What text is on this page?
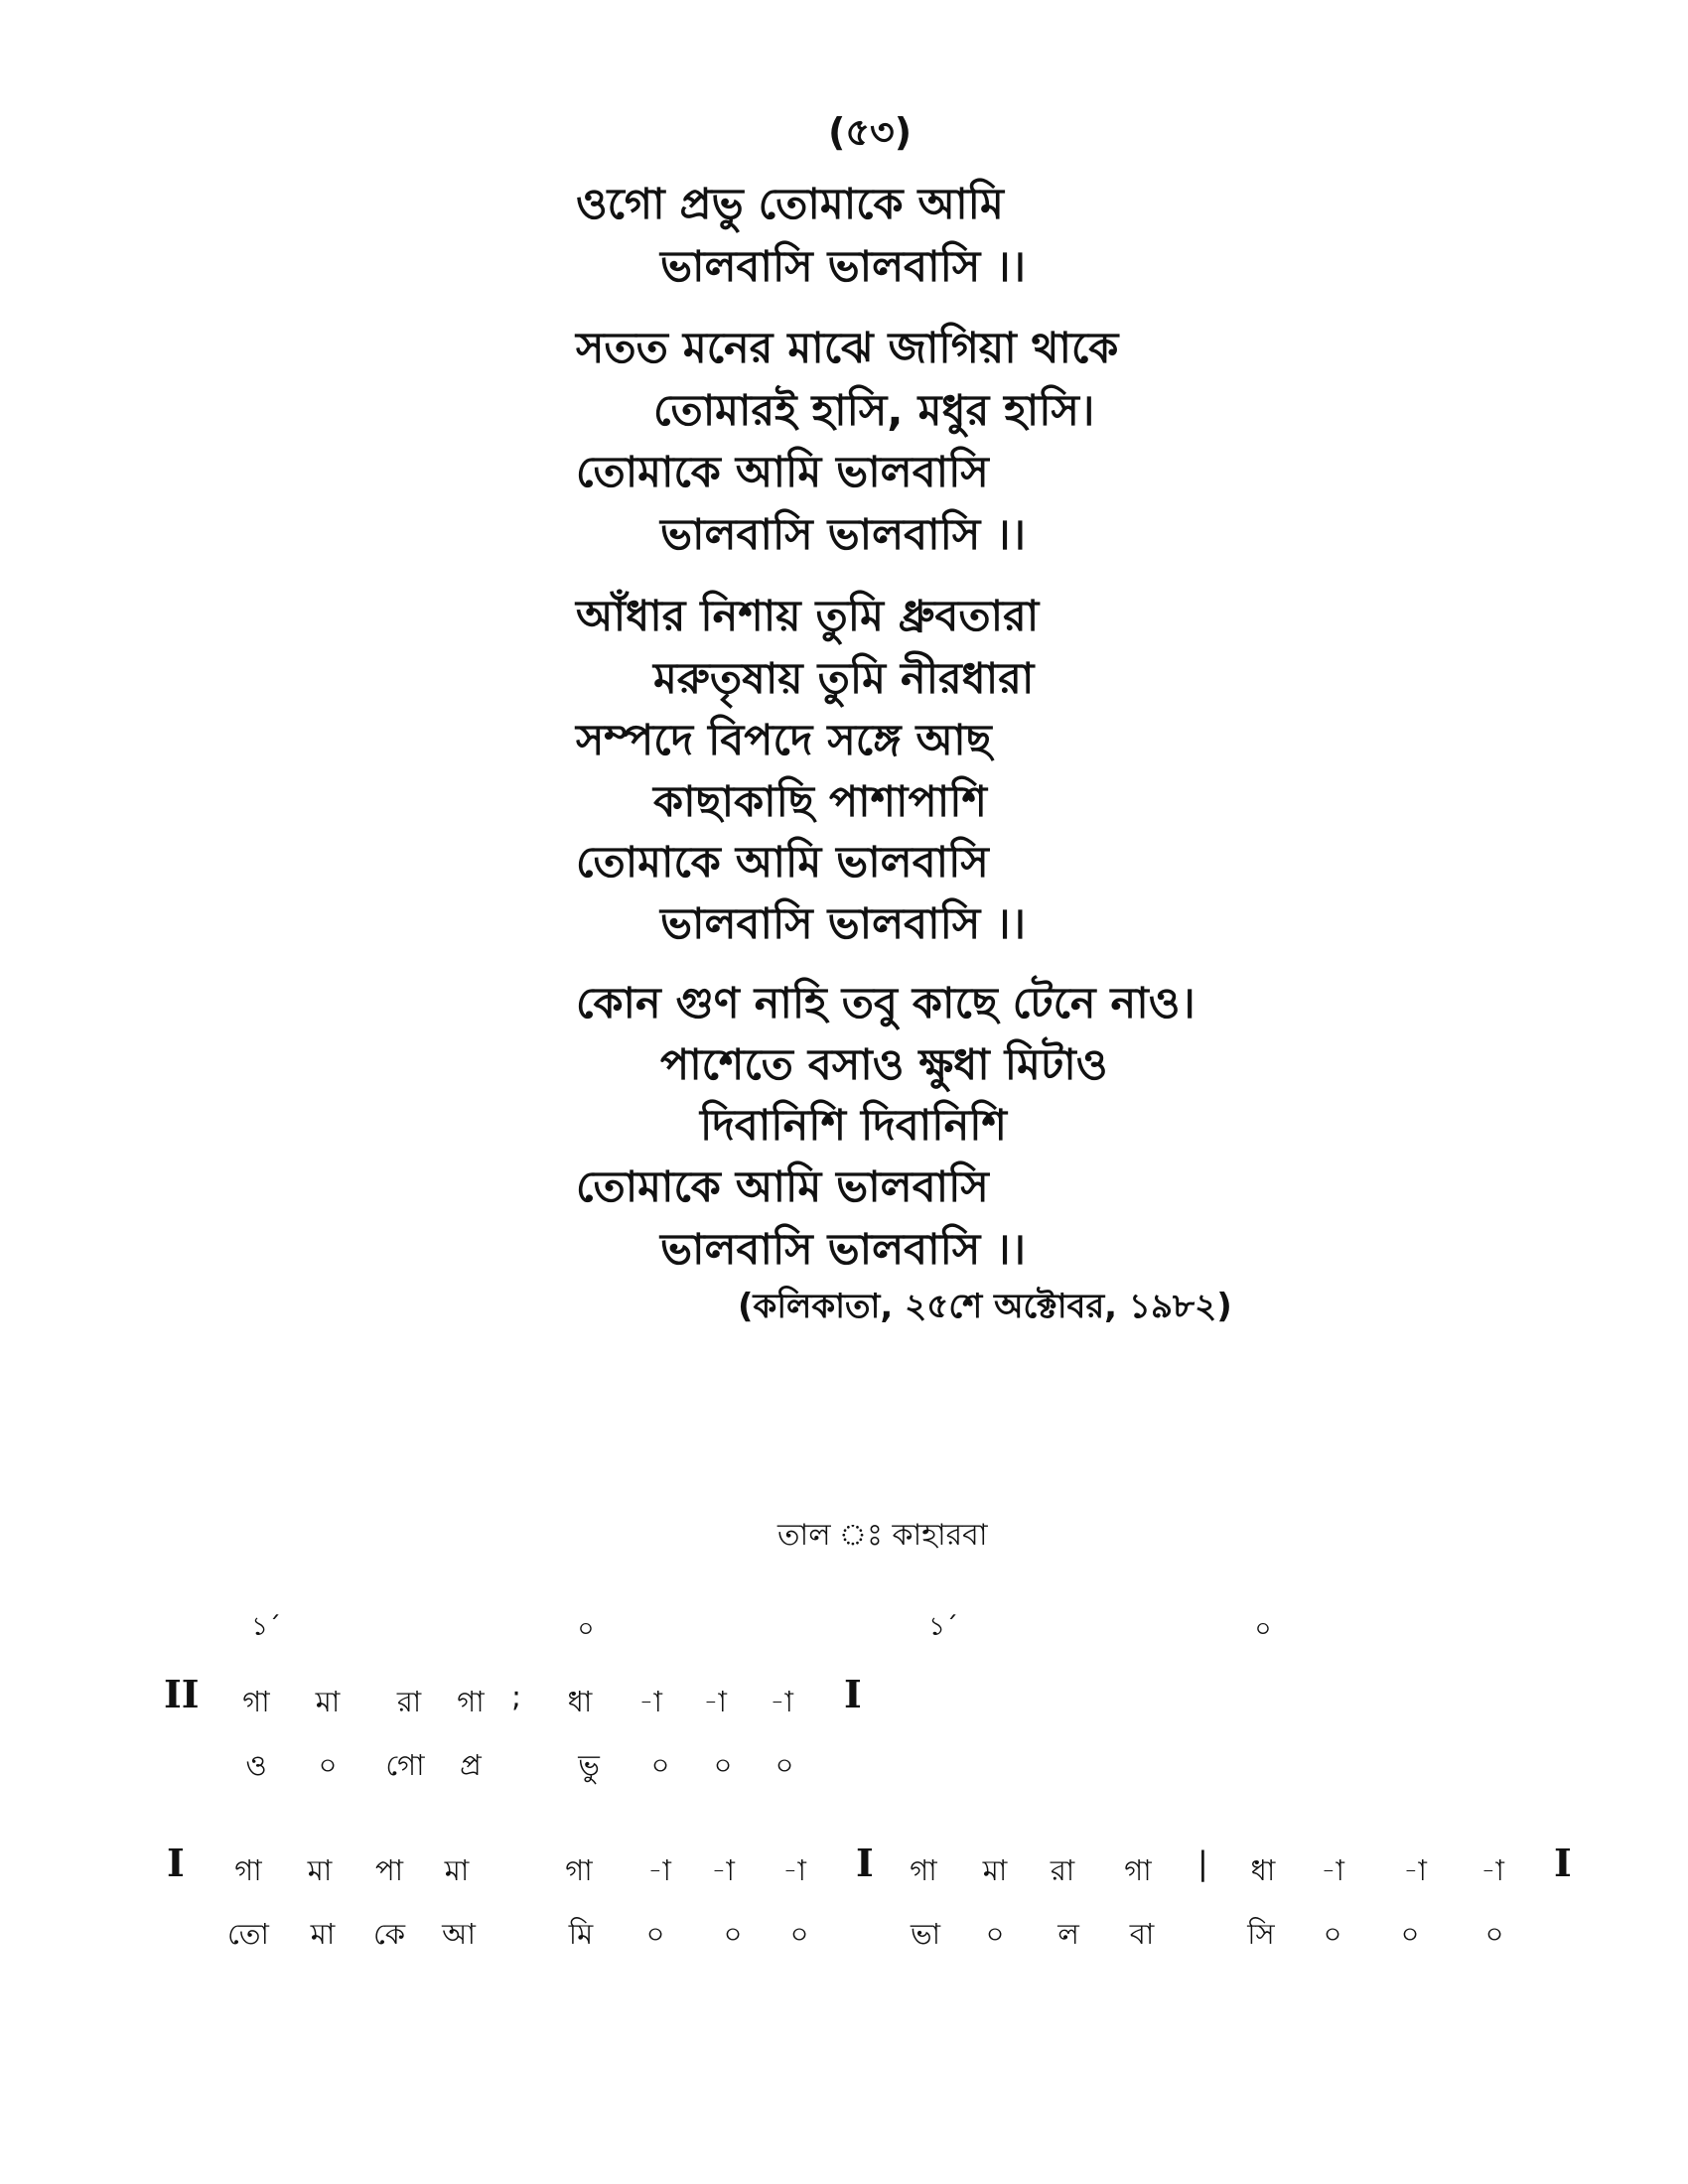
(৫৩)
ওগো প্রভু তোমাকে আমি
ভালবাসি ভালবাসি ।।
সতত মনের মাঝে জাগিয়া থাকে
তোমারই হাসি, মধুর হাসি।
তোমাকে আমি ভালবাসি
ভালবাসি ভালবাসি ।।
আঁধার নিশায় তুমি ধ্রুবতারা
মরুতৃষায় তুমি নীরধারা
সম্পদে বিপদে সঙ্গে আছ
কাছাকাছি পাশাপাশি
তোমাকে আমি ভালবাসি
ভালবাসি ভালবাসি ।।
কোন গুণ নাহি তবু কাছে টেনে নাও।
পাশেতে বসাও ক্ষুধা মিটাও
দিবানিশি দিবানিশি
তোমাকে আমি ভালবাসি
ভালবাসি ভালবাসি ।।
(কলিকাতা, ২৫শে অক্টোবর, ১৯৮২)
তাল ঃ কাহারবা
১´	০	১´	০
II	গা	মা	রা	গা ;	ধা	-া	-া	-া	I
ও	০	গো	প্র	ভু	০	০	০
I	গা	মা	পা	মা	গা	-া	-া	-া	I	গা	মা	রা	গা	|	ধা	-া	-া	-া	I
তো	মা	কে	আ	মি	০	০	০	ভা	০	ল	বা	সি	০	০	০
